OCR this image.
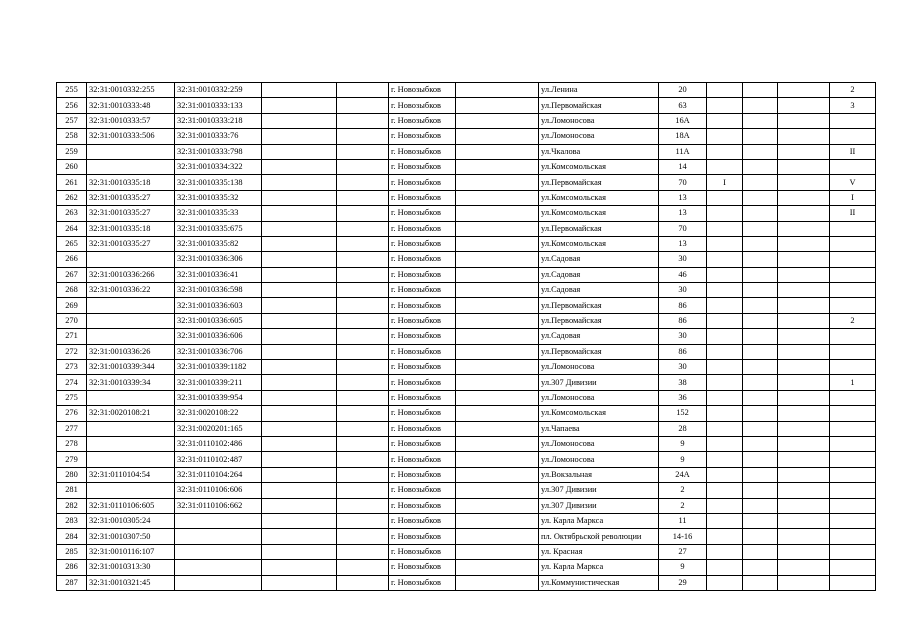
255	32:31:0010332:255	32:31:0010332:259			г. Новозыбков		ул.Ленина	20				2
256	32:31:0010333:48	32:31:0010333:133			г. Новозыбков		ул.Первомайская	63				3
257	32:31:0010333:57	32:31:0010333:218			г. Новозыбков		ул.Ломоносова	16А				
258	32:31:0010333:506	32:31:0010333:76			г. Новозыбков		ул.Ломоносова	18А				
259		32:31:0010333:798			г. Новозыбков		ул.Чкалова	11А				II
260		32:31:0010334:322			г. Новозыбков		ул.Комсомольская	14				
261	32:31:0010335:18	32:31:0010335:138			г. Новозыбков		ул.Первомайская	70	I			V
262	32:31:0010335:27	32:31:0010335:32			г. Новозыбков		ул.Комсомольская	13				I
263	32:31:0010335:27	32:31:0010335:33			г. Новозыбков		ул.Комсомольская	13				II
264	32:31:0010335:18	32:31:0010335:675			г. Новозыбков		ул.Первомайская	70				
265	32:31:0010335:27	32:31:0010335:82			г. Новозыбков		ул.Комсомольская	13				
266		32:31:0010336:306			г. Новозыбков		ул.Садовая	30				
267	32:31:0010336:266	32:31:0010336:41			г. Новозыбков		ул.Садовая	46				
268	32:31:0010336:22	32:31:0010336:598			г. Новозыбков		ул.Садовая	30				
269		32:31:0010336:603			г. Новозыбков		ул.Первомайская	86				
270		32:31:0010336:605			г. Новозыбков		ул.Первомайская	86				2
271		32:31:0010336:606			г. Новозыбков		ул.Садовая	30				
272	32:31:0010336:26	32:31:0010336:706			г. Новозыбков		ул.Первомайская	86				
273	32:31:0010339:344	32:31:0010339:1182			г. Новозыбков		ул.Ломоносова	30				
274	32:31:0010339:34	32:31:0010339:211			г. Новозыбков		ул.307 Дивизии	38				1
275		32:31:0010339:954			г. Новозыбков		ул.Ломоносова	36				
276	32:31:0020108:21	32:31:0020108:22			г. Новозыбков		ул.Комсомольская	152				
277		32:31:0020201:165			г. Новозыбков		ул.Чапаева	28				
278		32:31:0110102:486			г. Новозыбков		ул.Ломоносова	9				
279		32:31:0110102:487			г. Новозыбков		ул.Ломоносова	9				
280	32:31:0110104:54	32:31:0110104:264			г. Новозыбков		ул.Вокзальная	24А				
281		32:31:0110106:606			г. Новозыбков		ул.307 Дивизии	2				
282	32:31:0110106:605	32:31:0110106:662			г. Новозыбков		ул.307 Дивизии	2				
283	32:31:0010305:24				г. Новозыбков		ул. Карла Маркса	11				
284	32:31:0010307:50				г. Новозыбков		пл. Октябрьской революции	14-16				
285	32:31:0010116:107				г. Новозыбков		ул. Красная	27				
286	32:31:0010313:30				г. Новозыбков		ул. Карла Маркса	9				
287	32:31:0010321:45				г. Новозыбков		ул.Коммунистическая	29				
